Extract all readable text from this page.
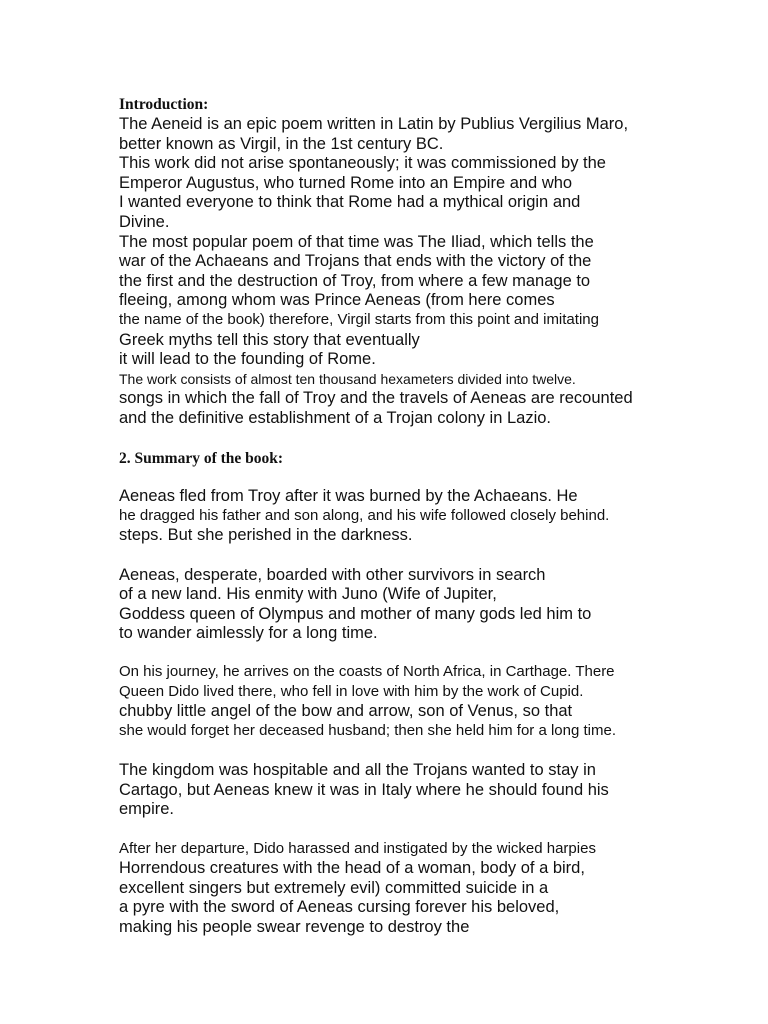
Introduction:
The Aeneid is an epic poem written in Latin by Publius Vergilius Maro,
better known as Virgil, in the 1st century BC.
This work did not arise spontaneously; it was commissioned by the
Emperor Augustus, who turned Rome into an Empire and who
I wanted everyone to think that Rome had a mythical origin and
Divine.
The most popular poem of that time was The Iliad, which tells the
war of the Achaeans and Trojans that ends with the victory of the
the first and the destruction of Troy, from where a few manage to
fleeing, among whom was Prince Aeneas (from here comes
the name of the book) therefore, Virgil starts from this point and imitating
Greek myths tell this story that eventually
it will lead to the founding of Rome.
The work consists of almost ten thousand hexameters divided into twelve.
songs in which the fall of Troy and the travels of Aeneas are recounted
and the definitive establishment of a Trojan colony in Lazio.
2. Summary of the book:
Aeneas fled from Troy after it was burned by the Achaeans. He
he dragged his father and son along, and his wife followed closely behind.
steps. But she perished in the darkness.
Aeneas, desperate, boarded with other survivors in search
of a new land. His enmity with Juno (Wife of Jupiter,
Goddess queen of Olympus and mother of many gods led him to
to wander aimlessly for a long time.
On his journey, he arrives on the coasts of North Africa, in Carthage. There
Queen Dido lived there, who fell in love with him by the work of Cupid.
chubby little angel of the bow and arrow, son of Venus, so that
she would forget her deceased husband; then she held him for a long time.
The kingdom was hospitable and all the Trojans wanted to stay in
Cartago, but Aeneas knew it was in Italy where he should found his
empire.
After her departure, Dido harassed and instigated by the wicked harpies
Horrendous creatures with the head of a woman, body of a bird,
excellent singers but extremely evil) committed suicide in a
a pyre with the sword of Aeneas cursing forever his beloved,
making his people swear revenge to destroy the
